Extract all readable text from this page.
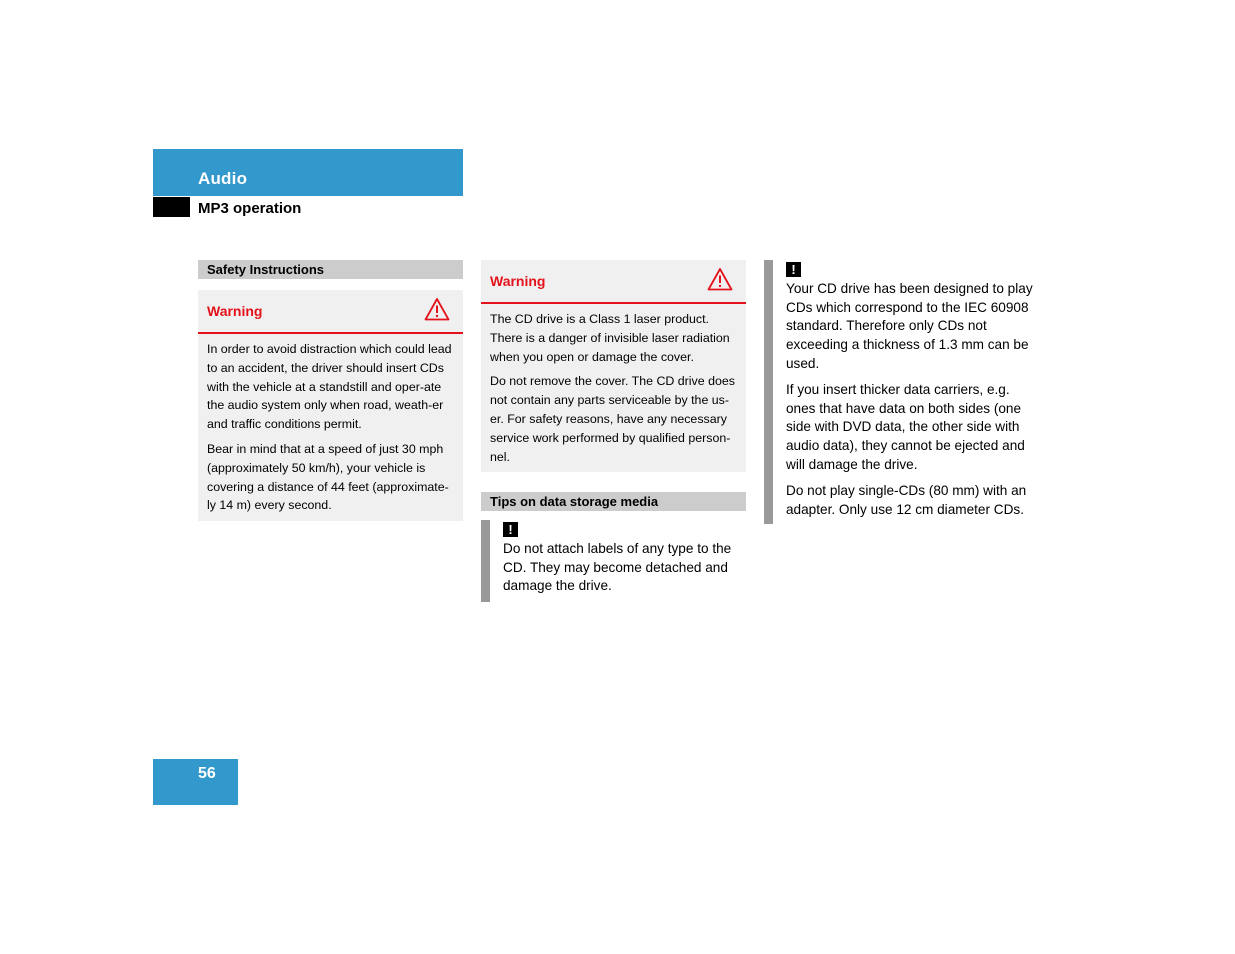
Audio
MP3 operation
Safety Instructions
Warning

In order to avoid distraction which could lead to an accident, the driver should insert CDs with the vehicle at a standstill and oper-ate the audio system only when road, weath-er and traffic conditions permit.

Bear in mind that at a speed of just 30 mph (approximately 50 km/h), your vehicle is covering a distance of 44 feet (approximate-ly 14 m) every second.

Warning

The CD drive is a Class 1 laser product. There is a danger of invisible laser radiation when you open or damage the cover.

Do not remove the cover. The CD drive does not contain any parts serviceable by the us-er. For safety reasons, have any necessary service work performed by qualified person-nel.

Tips on data storage media
!

Do not attach labels of any type to the CD. They may become detached and damage the drive.

!

Your CD drive has been designed to play CDs which correspond to the IEC 60908 standard. Therefore only CDs not exceeding a thickness of 1.3 mm can be used.

If you insert thicker data carriers, e.g. ones that have data on both sides (one side with DVD data, the other side with audio data), they cannot be ejected and will damage the drive.

Do not play single-CDs (80 mm) with an adapter. Only use 12 cm diameter CDs.

56
